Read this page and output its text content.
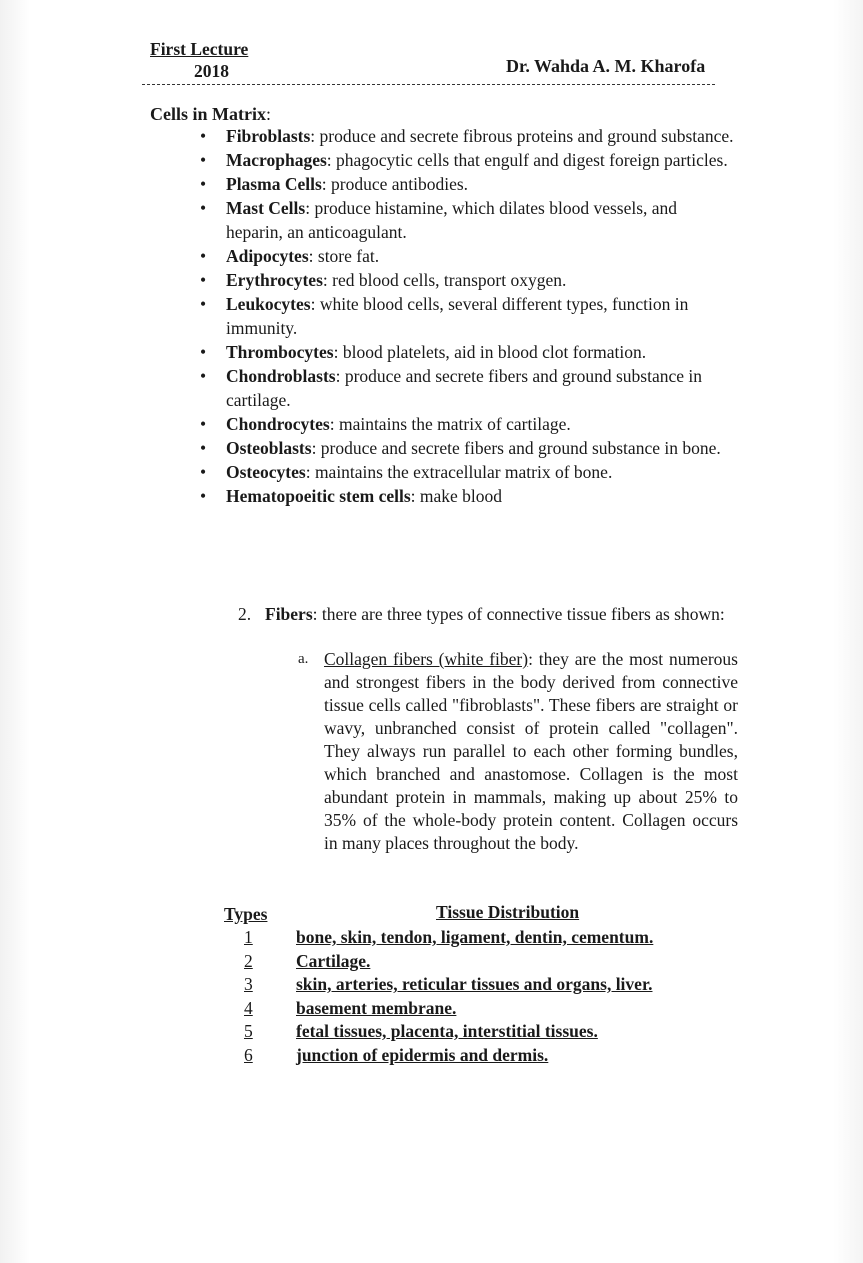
First Lecture
2018	Dr. Wahda A. M. Kharofa
Cells in Matrix:
• Fibroblasts: produce and secrete fibrous proteins and ground substance.
• Macrophages: phagocytic cells that engulf and digest foreign particles.
• Plasma Cells: produce antibodies.
• Mast Cells: produce histamine, which dilates blood vessels, and heparin, an anticoagulant.
• Adipocytes: store fat.
• Erythrocytes: red blood cells, transport oxygen.
• Leukocytes: white blood cells, several different types, function in immunity.
• Thrombocytes: blood platelets, aid in blood clot formation.
• Chondroblasts: produce and secrete fibers and ground substance in cartilage.
• Chondrocytes: maintains the matrix of cartilage.
• Osteoblasts: produce and secrete fibers and ground substance in bone.
• Osteocytes: maintains the extracellular matrix of bone.
• Hematopoeitic stem cells: make blood
2. Fibers: there are three types of connective tissue fibers as shown:
a. Collagen fibers (white fiber): they are the most numerous and strongest fibers in the body derived from connective tissue cells called "fibroblasts". These fibers are straight or wavy, unbranched consist of protein called "collagen". They always run parallel to each other forming bundles, which branched and anastomose. Collagen is the most abundant protein in mammals, making up about 25% to 35% of the whole-body protein content. Collagen occurs in many places throughout the body.
Types	Tissue Distribution
1 bone, skin, tendon, ligament, dentin, cementum.
2 Cartilage.
3 skin, arteries, reticular tissues and organs, liver.
4 basement membrane.
5 fetal tissues, placenta, interstitial tissues.
6 junction of epidermis and dermis.
